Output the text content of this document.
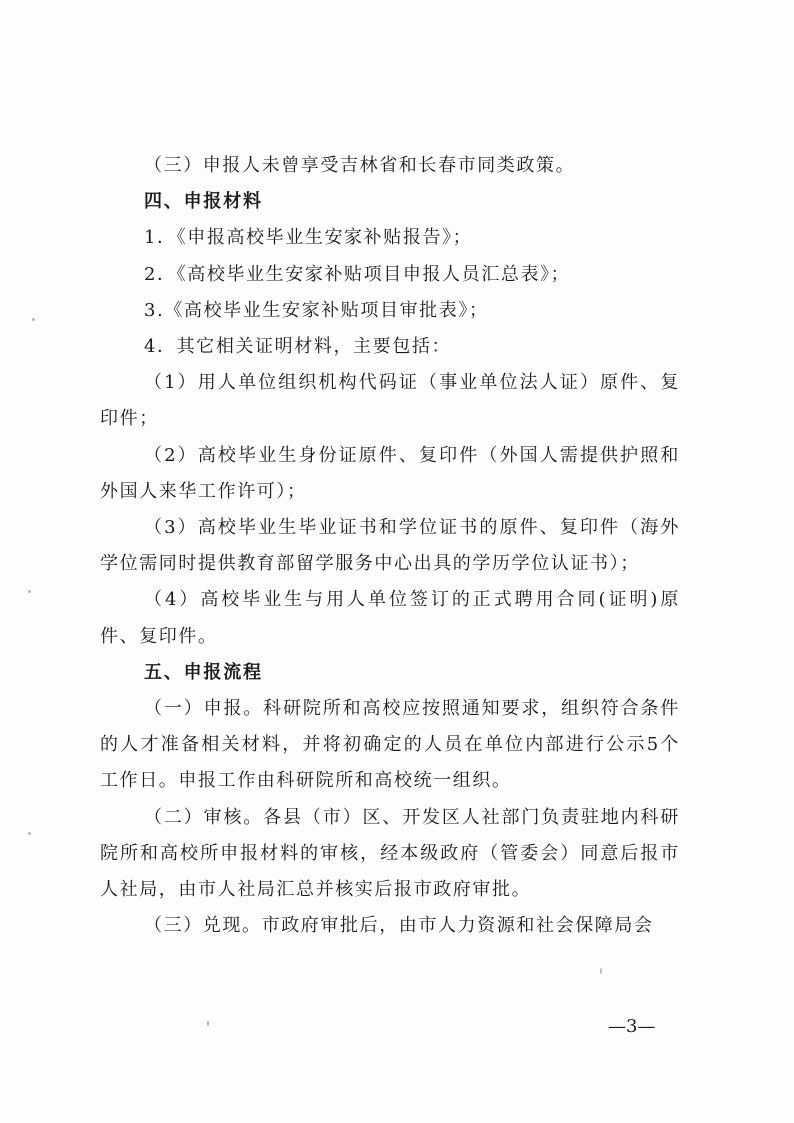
（三）申报人未曾享受吉林省和长春市同类政策。

四、申报材料

1．《申报高校毕业生安家补贴报告》；

2．《高校毕业生安家补贴项目申报人员汇总表》；

3.《高校毕业生安家补贴项目审批表》；

4．其它相关证明材料，主要包括：

（1）用人单位组织机构代码证（事业单位法人证）原件、复印件；

（2）高校毕业生身份证原件、复印件（外国人需提供护照和外国人来华工作许可）；

（3）高校毕业生毕业证书和学位证书的原件、复印件（海外学位需同时提供教育部留学服务中心出具的学历学位认证书）；

（4）高校毕业生与用人单位签订的正式聘用合同(证明)原件、复印件。

五、申报流程

（一）申报。科研院所和高校应按照通知要求，组织符合条件的人才准备相关材料，并将初确定的人员在单位内部进行公示5个工作日。申报工作由科研院所和高校统一组织。

（二）审核。各县（市）区、开发区人社部门负责驻地内科研院所和高校所申报材料的审核，经本级政府（管委会）同意后报市人社局，由市人社局汇总并核实后报市政府审批。

（三）兑现。市政府审批后，由市人力资源和社会保障局会

—3—
